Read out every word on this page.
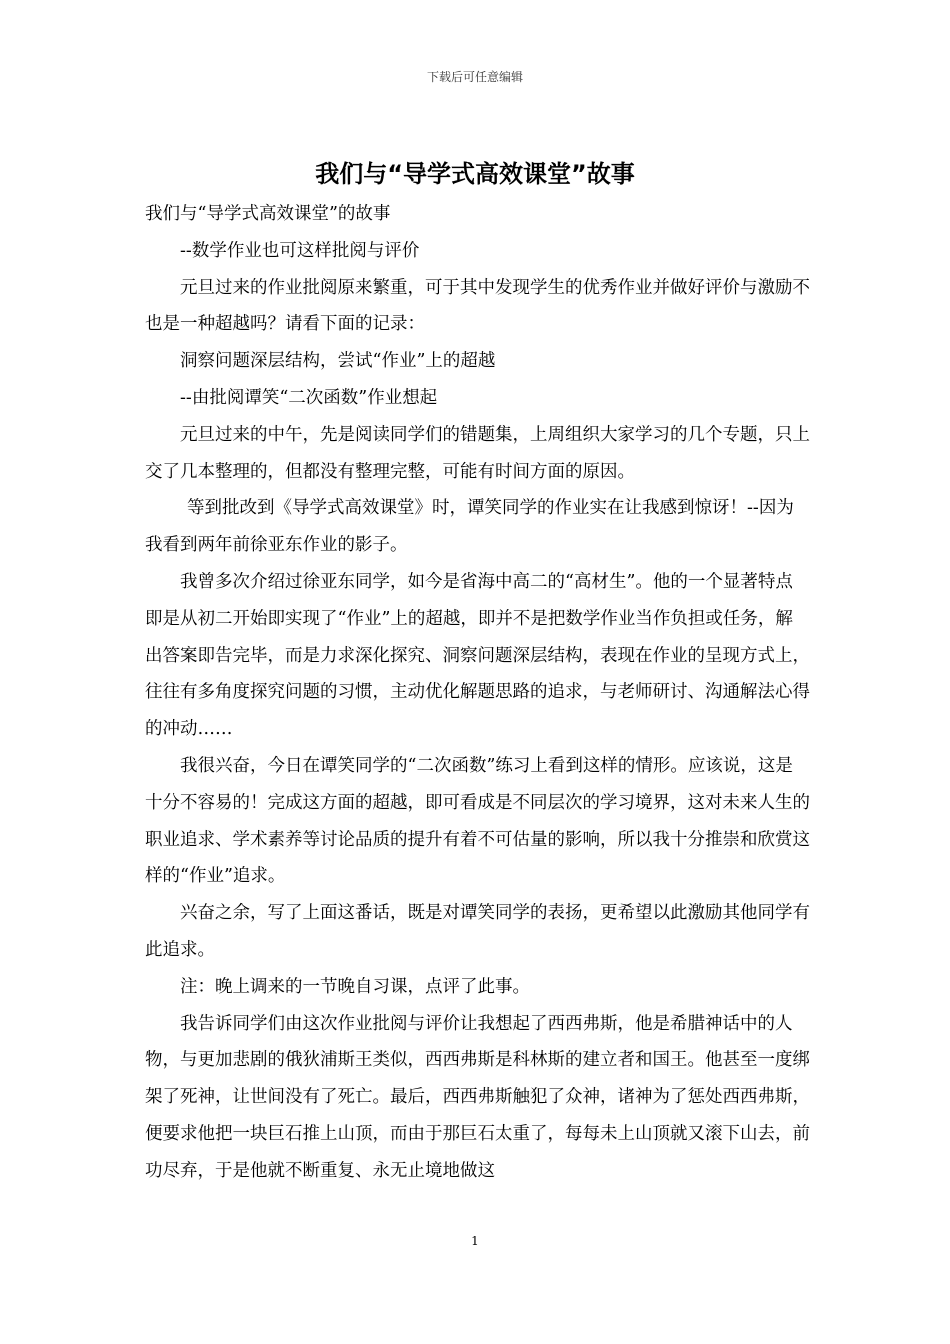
下载后可任意编辑
我们与“导学式高效课堂”故事

我们与“导学式高效课堂”的故事

--数学作业也可这样批阅与评价

元旦过来的作业批阅原来繁重，可于其中发现学生的优秀作业并做好评价与激励不也是一种超越吗？请看下面的记录：

洞察问题深层结构，尝试“作业”上的超越

--由批阅谭笑“二次函数”作业想起

元旦过来的中午，先是阅读同学们的错题集，上周组织大家学习的几个专题，只上交了几本整理的，但都没有整理完整，可能有时间方面的原因。

等到批改到《导学式高效课堂》时，谭笑同学的作业实在让我感到惊讶！--因为我看到两年前徐亚东作业的影子。

我曾多次介绍过徐亚东同学，如今是省海中高二的“高材生”。他的一个显著特点即是从初二开始即实现了“作业”上的超越，即并不是把数学作业当作负担或任务，解出答案即告完毕，而是力求深化探究、洞察问题深层结构，表现在作业的呈现方式上，往往有多角度探究问题的习惯，主动优化解题思路的追求，与老师研讨、沟通解法心得的冲动……

我很兴奋，今日在谭笑同学的“二次函数”练习上看到这样的情形。应该说，这是十分不容易的！完成这方面的超越，即可看成是不同层次的学习境界，这对未来人生的职业追求、学术素养等讨论品质的提升有着不可估量的影响，所以我十分推崇和欣赏这样的“作业”追求。

兴奋之余，写了上面这番话，既是对谭笑同学的表扬，更希望以此激励其他同学有此追求。

注：晚上调来的一节晚自习课，点评了此事。

我告诉同学们由这次作业批阅与评价让我想起了西西弗斯，他是希腊神话中的人物，与更加悲剧的俄狄浦斯王类似，西西弗斯是科林斯的建立者和国王。他甚至一度绑架了死神，让世间没有了死亡。最后，西西弗斯触犯了众神，诸神为了惩处西西弗斯，便要求他把一块巨石推上山顶，而由于那巨石太重了，每每未上山顶就又滚下山去，前功尽弃，于是他就不断重复、永无止境地做这

1
